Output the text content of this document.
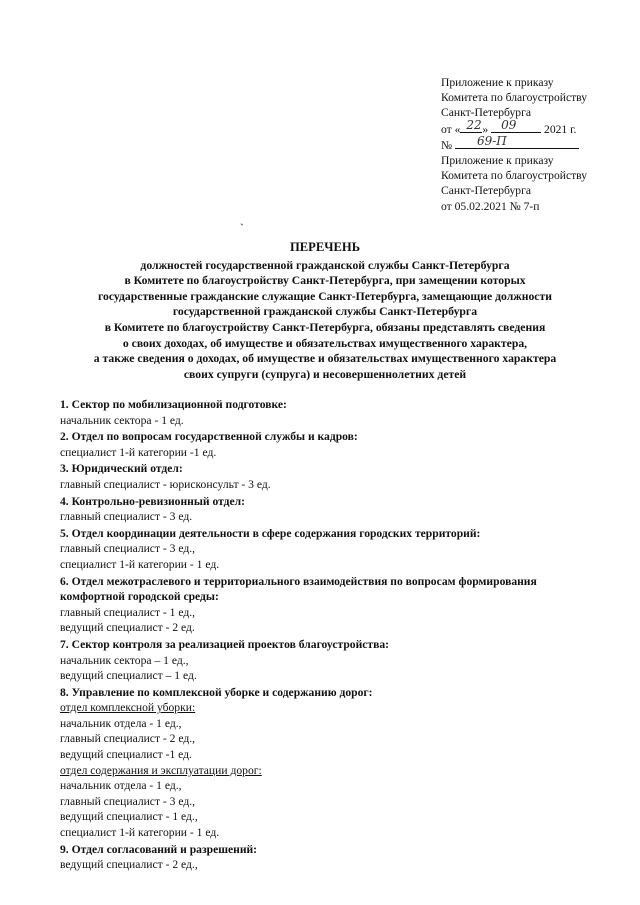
Приложение к приказу
Комитета по благоустройству
Санкт-Петербурга
от « 22 » 09 2021 г.
№ 69-П
Приложение к приказу
Комитета по благоустройству
Санкт-Петербурга
от 05.02.2021 № 7-п
ˎ
ПЕРЕЧЕНЬ
должностей государственной гражданской службы Санкт-Петербурга
в Комитете по благоустройству Санкт-Петербурга, при замещении которых
государственные гражданские служащие Санкт-Петербурга, замещающие должности
государственной гражданской службы Санкт-Петербурга
в Комитете по благоустройству Санкт-Петербурга, обязаны представлять сведения
о своих доходах, об имуществе и обязательствах имущественного характера,
а также сведения о доходах, об имуществе и обязательствах имущественного характера
своих супруги (супруга) и несовершеннолетних детей
1. Сектор по мобилизационной подготовке:
начальник сектора - 1 ед.
2. Отдел по вопросам государственной службы и кадров:
специалист 1-й категории -1 ед.
3. Юридический отдел:
главный специалист - юрисконсульт - 3 ед.
4. Контрольно-ревизионный отдел:
главный специалист - 3 ед.
5. Отдел координации деятельности в сфере содержания городских территорий:
главный специалист - 3 ед.,
специалист 1-й категории - 1 ед.
6. Отдел межотраслевого и территориального взаимодействия по вопросам формирования
комфортной городской среды:
главный специалист - 1 ед.,
ведущий специалист - 2 ед.
7. Сектор контроля за реализацией проектов благоустройства:
начальник сектора – 1 ед.,
ведущий специалист – 1 ед.
8. Управление по комплексной уборке и содержанию дорог:
отдел комплексной уборки:
начальник отдела - 1 ед.,
главный специалист - 2 ед.,
ведущий специалист -1 ед.
отдел содержания и эксплуатации дорог:
начальник отдела - 1 ед.,
главный специалист - 3 ед.,
ведущий специалист - 1 ед.,
специалист 1-й категории - 1 ед.
9. Отдел согласований и разрешений:
ведущий специалист - 2 ед.,
